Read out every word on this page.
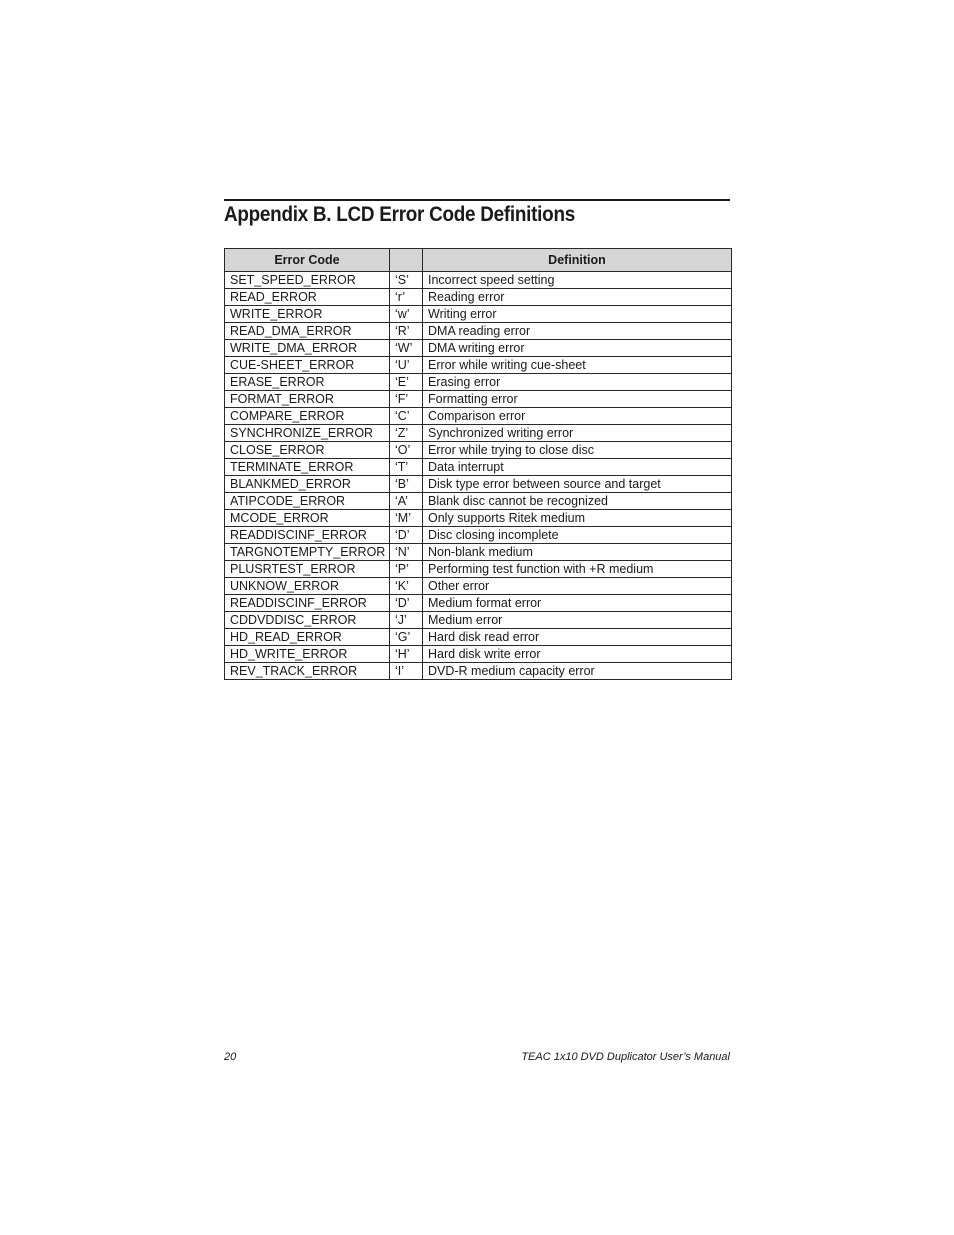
Appendix B. LCD Error Code Definitions
Error Code		Definition
SET_SPEED_ERROR	‘S’	Incorrect speed setting
READ_ERROR	‘r’	Reading error
WRITE_ERROR	‘w’	Writing error
READ_DMA_ERROR	‘R’	DMA reading error
WRITE_DMA_ERROR	‘W’	DMA writing error
CUE-SHEET_ERROR	‘U’	Error while writing cue-sheet
ERASE_ERROR	‘E’	Erasing error
FORMAT_ERROR	‘F’	Formatting error
COMPARE_ERROR	‘C’	Comparison error
SYNCHRONIZE_ERROR	‘Z’	Synchronized writing error
CLOSE_ERROR	‘O’	Error while trying to close disc
TERMINATE_ERROR	‘T’	Data interrupt
BLANKMED_ERROR	‘B’	Disk type error between source and target
ATIPCODE_ERROR	‘A’	Blank disc cannot be recognized
MCODE_ERROR	‘M’	Only supports Ritek medium
READDISCINF_ERROR	‘D’	Disc closing incomplete
TARGNOTEMPTY_ERROR	‘N’	Non-blank medium
PLUSRTEST_ERROR	‘P’	Performing test function with +R medium
UNKNOW_ERROR	‘K’	Other error
READDISCINF_ERROR	‘D’	Medium format error
CDDVDDISC_ERROR	‘J’	Medium error
HD_READ_ERROR	‘G’	Hard disk read error
HD_WRITE_ERROR	‘H’	Hard disk write error
REV_TRACK_ERROR	‘I’	DVD-R medium capacity error
20	TEAC 1x10 DVD Duplicator User’s Manual
